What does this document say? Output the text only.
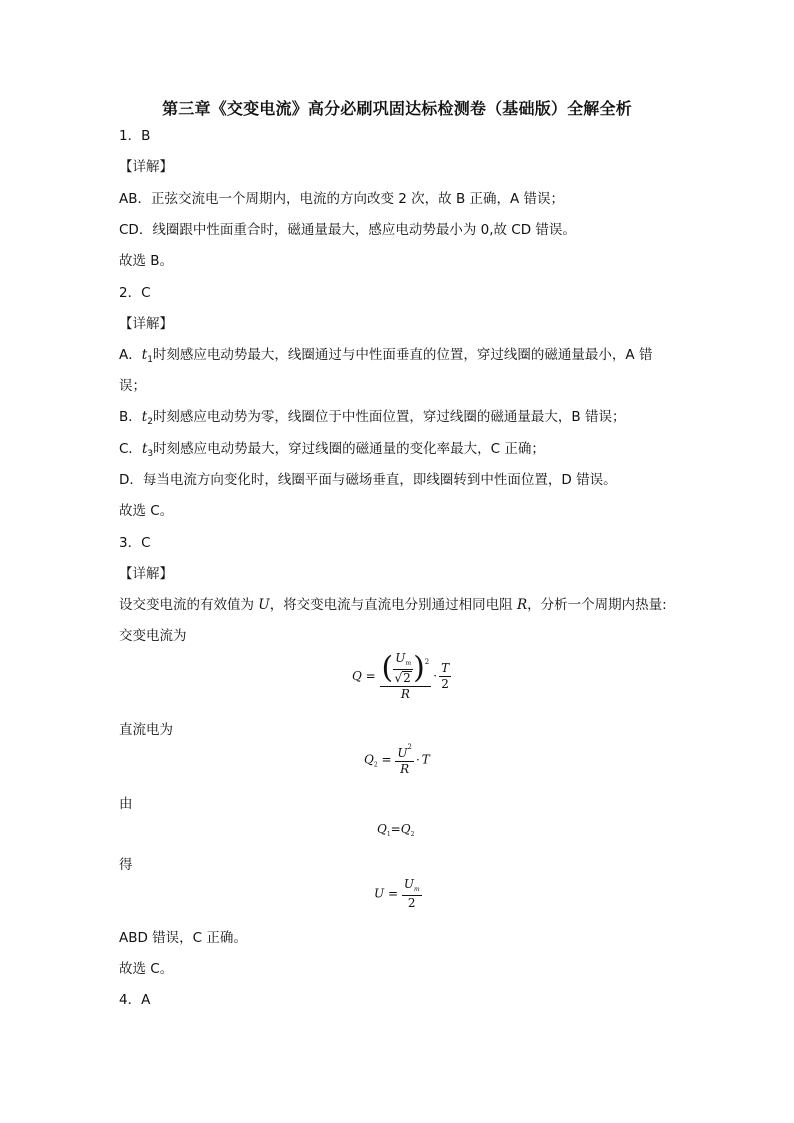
第三章《交变电流》高分必刷巩固达标检测卷（基础版）全解全析
1．B
【详解】
AB．正弦交流电一个周期内，电流的方向改变 2 次，故 B 正确，A 错误；
CD．线圈跟中性面重合时，磁通量最大，感应电动势最小为 0,故 CD 错误。
故选 B。
2．C
【详解】
A．$t_1$时刻感应电动势最大，线圈通过与中性面垂直的位置，穿过线圈的磁通量最小，A 错
误；
B．$t_2$时刻感应电动势为零，线圈位于中性面位置，穿过线圈的磁通量最大，B 错误；
C．$t_3$时刻感应电动势最大，穿过线圈的磁通量的变化率最大，C 正确；
D．每当电流方向变化时，线圈平面与磁场垂直，即线圈转到中性面位置，D 错误。
故选 C。
3．C
【详解】
设交变电流的有效值为 U，将交变电流与直流电分别通过相同电阻 R，分析一个周期内热量:
交变电流为
$Q = \frac{( \frac{U_m}{√2} )^2}{R} \cdot \frac{T}{2}$
直流电为
$Q_2 = \frac{U^2}{R} \cdot T$
由
$Q_1=Q_2$
得
$U = \frac{U_m}{2}$
ABD 错误，C 正确。
故选 C。
4．A
